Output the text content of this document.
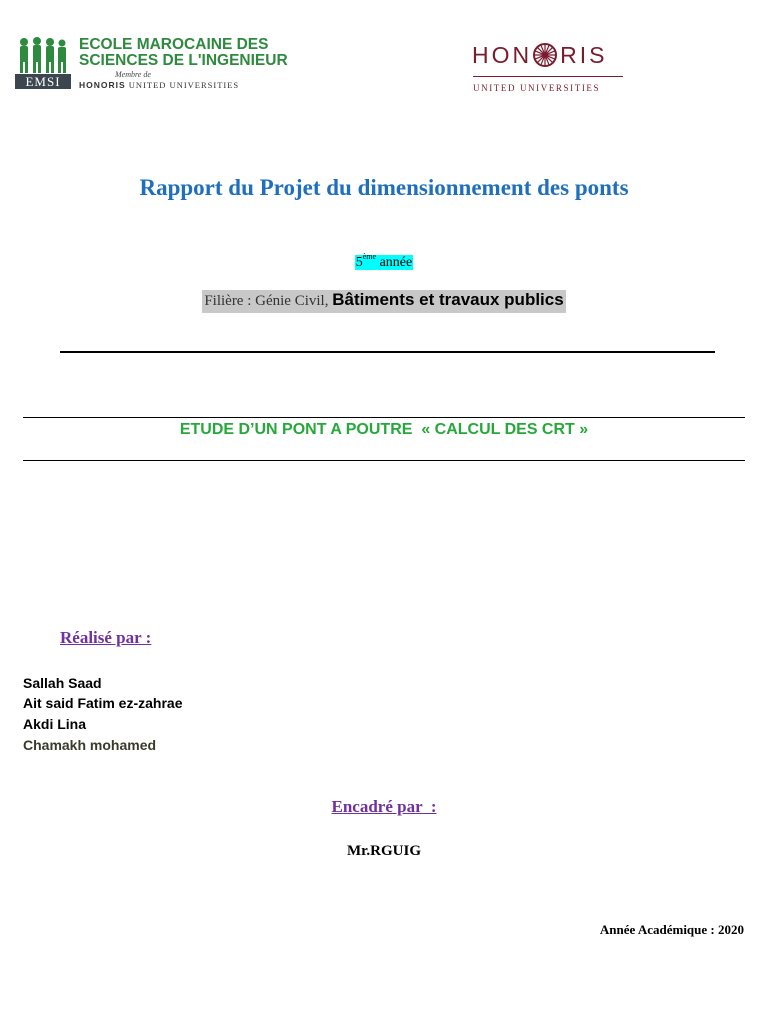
EMSI
ECOLE MAROCAINE DES
SCIENCES DE L'INGENIEUR
Membre de
HONORIS UNITED UNIVERSITIES
HON RIS
UNITED UNIVERSITIES
Rapport du Projet du dimensionnement des ponts
5ème année
Filière : Génie Civil, Bâtiments et travaux publics
ETUDE D’UN PONT A POUTRE  « CALCUL DES CRT »
Réalisé par :
Sallah Saad
Ait said Fatim ez-zahrae
Akdi Lina
Chamakh mohamed
Encadré par  :
Mr.RGUIG
Année Académique : 2020
